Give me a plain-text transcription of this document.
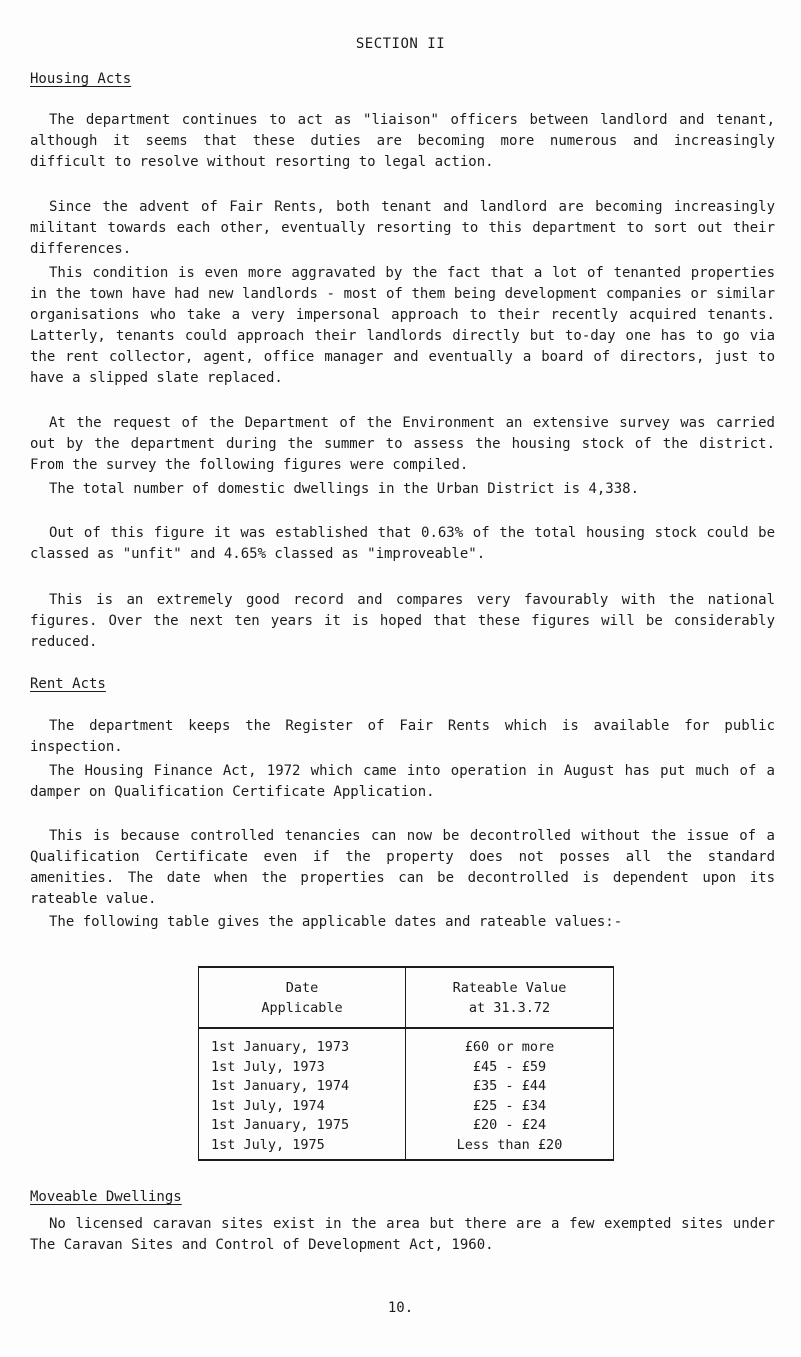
SECTION II
Housing Acts

The department continues to act as "liaison" officers between landlord and tenant, although it seems that these duties are becoming more numerous and increasingly difficult to resolve without resorting to legal action.

Since the advent of Fair Rents, both tenant and landlord are becoming increasingly militant towards each other, eventually resorting to this department to sort out their differences.

This condition is even more aggravated by the fact that a lot of tenanted properties in the town have had new landlords - most of them being development companies or similar organisations who take a very impersonal approach to their recently acquired tenants. Latterly, tenants could approach their landlords directly but to-day one has to go via the rent collector, agent, office manager and eventually a board of directors, just to have a slipped slate replaced.

At the request of the Department of the Environment an extensive survey was carried out by the department during the summer to assess the housing stock of the district. From the survey the following figures were compiled.

The total number of domestic dwellings in the Urban District is 4,338.

Out of this figure it was established that 0.63% of the total housing stock could be classed as "unfit" and 4.65% classed as "improveable".

This is an extremely good record and compares very favourably with the national figures. Over the next ten years it is hoped that these figures will be considerably reduced.

Rent Acts

The department keeps the Register of Fair Rents which is available for public inspection.

The Housing Finance Act, 1972 which came into operation in August has put much of a damper on Qualification Certificate Application.

This is because controlled tenancies can now be decontrolled without the issue of a Qualification Certificate even if the property does not posses all the standard amenities. The date when the properties can be decontrolled is dependent upon its rateable value.

The following table gives the applicable dates and rateable values:-

Date
Applicable
Rateable Value
at 31.3.72
1st January, 1973
1st July, 1973
1st January, 1974
1st July, 1974
1st January, 1975
1st July, 1975
£60 or more
£45 - £59
£35 - £44
£25 - £34
£20 - £24
Less than £20
Moveable Dwellings

No licensed caravan sites exist in the area but there are a few exempted sites under The Caravan Sites and Control of Development Act, 1960.

10.
